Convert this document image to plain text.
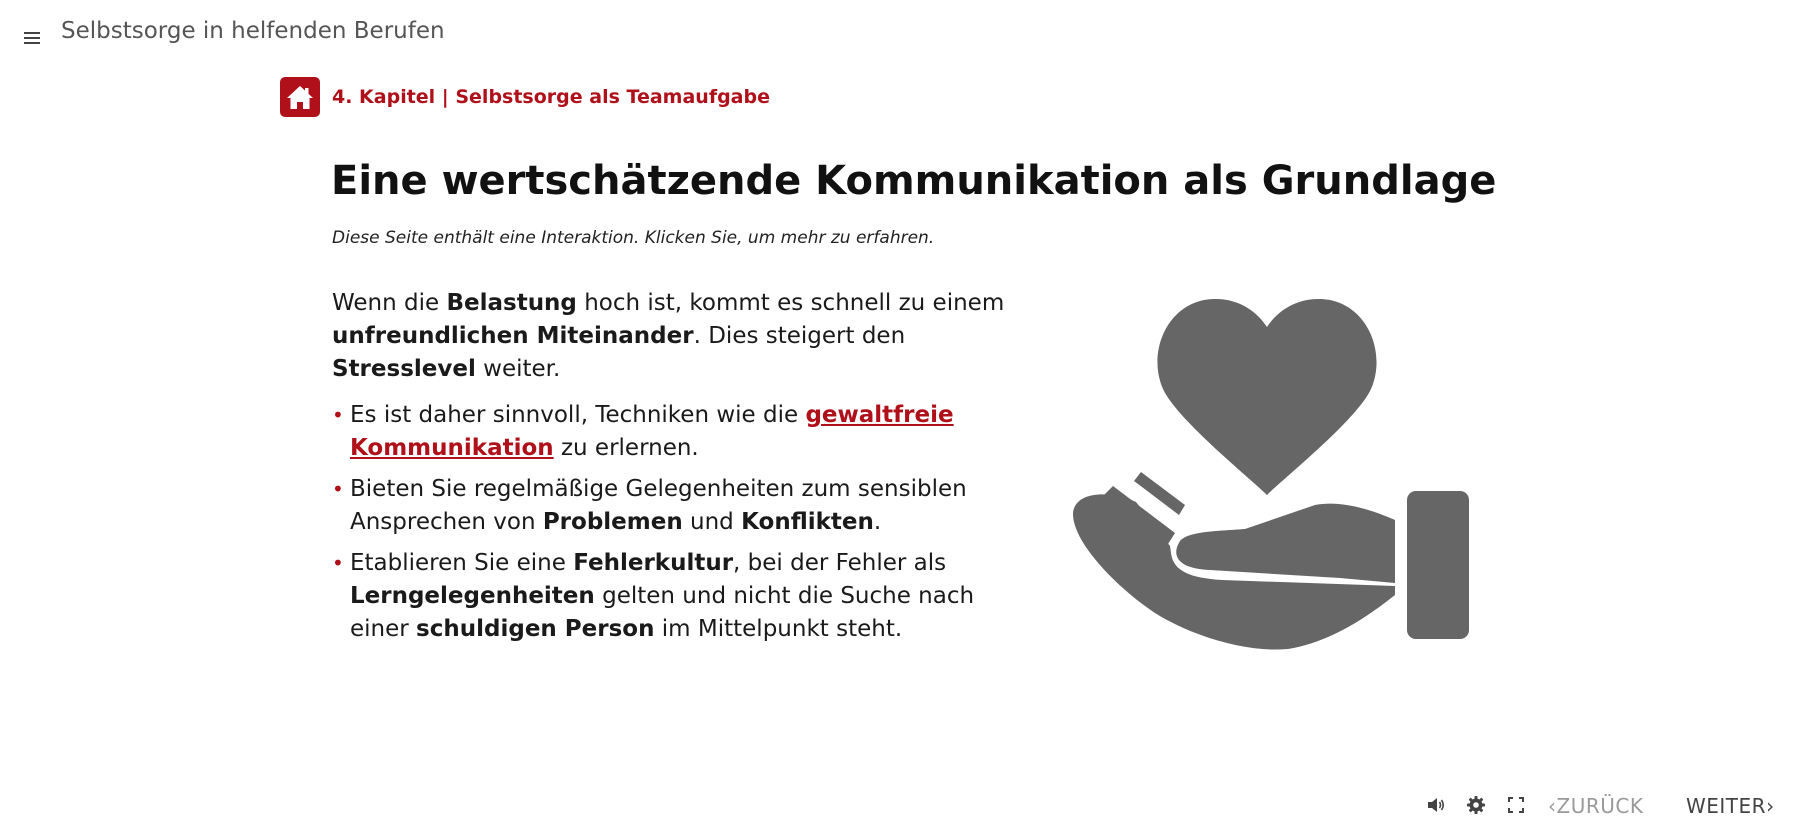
Selbstsorge in helfenden Berufen
4. Kapitel | Selbstsorge als Teamaufgabe
Eine wertschätzende Kommunikation als Grundlage
Diese Seite enthält eine Interaktion. Klicken Sie, um mehr zu erfahren.

Wenn die Belastung hoch ist, kommt es schnell zu einem unfreundlichen Miteinander. Dies steigert den Stresslevel weiter.

• Es ist daher sinnvoll, Techniken wie die gewaltfreie Kommunikation zu erlernen.
• Bieten Sie regelmäßige Gelegenheiten zum sensiblen Ansprechen von Problemen und Konflikten.
• Etablieren Sie eine Fehlerkultur, bei der Fehler als Lerngelegenheiten gelten und nicht die Suche nach einer schuldigen Person im Mittelpunkt steht.
‹ ZURÜCK WEITER ›
